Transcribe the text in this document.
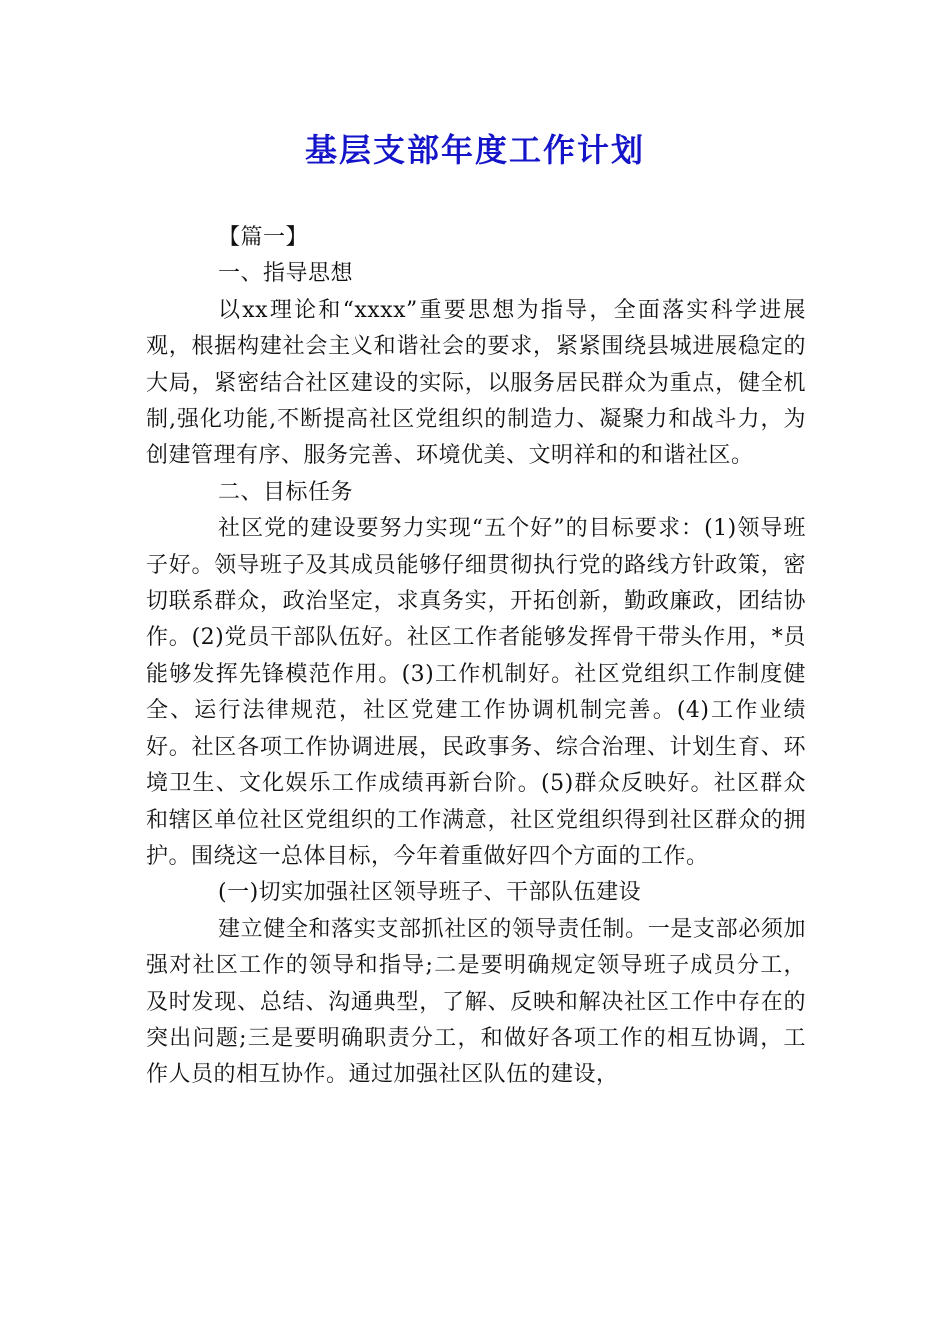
基层支部年度工作计划

【篇一】

一、指导思想

以xx理论和“xxxx”重要思想为指导，全面落实科学进展观，根据构建社会主义和谐社会的要求，紧紧围绕县城进展稳定的大局，紧密结合社区建设的实际，以服务居民群众为重点，健全机制,强化功能,不断提高社区党组织的制造力、凝聚力和战斗力，为创建管理有序、服务完善、环境优美、文明祥和的和谐社区。

二、目标任务

社区党的建设要努力实现“五个好”的目标要求：(1)领导班子好。领导班子及其成员能够仔细贯彻执行党的路线方针政策，密切联系群众，政治坚定，求真务实，开拓创新，勤政廉政，团结协作。(2)党员干部队伍好。社区工作者能够发挥骨干带头作用，*员能够发挥先锋模范作用。(3)工作机制好。社区党组织工作制度健全、运行法律规范，社区党建工作协调机制完善。(4)工作业绩好。社区各项工作协调进展，民政事务、综合治理、计划生育、环境卫生、文化娱乐工作成绩再新台阶。(5)群众反映好。社区群众和辖区单位社区党组织的工作满意，社区党组织得到社区群众的拥护。围绕这一总体目标，今年着重做好四个方面的工作。

(一)切实加强社区领导班子、干部队伍建设

建立健全和落实支部抓社区的领导责任制。一是支部必须加强对社区工作的领导和指导;二是要明确规定领导班子成员分工，及时发现、总结、沟通典型，了解、反映和解决社区工作中存在的突出问题;三是要明确职责分工，和做好各项工作的相互协调，工作人员的相互协作。通过加强社区队伍的建设，
